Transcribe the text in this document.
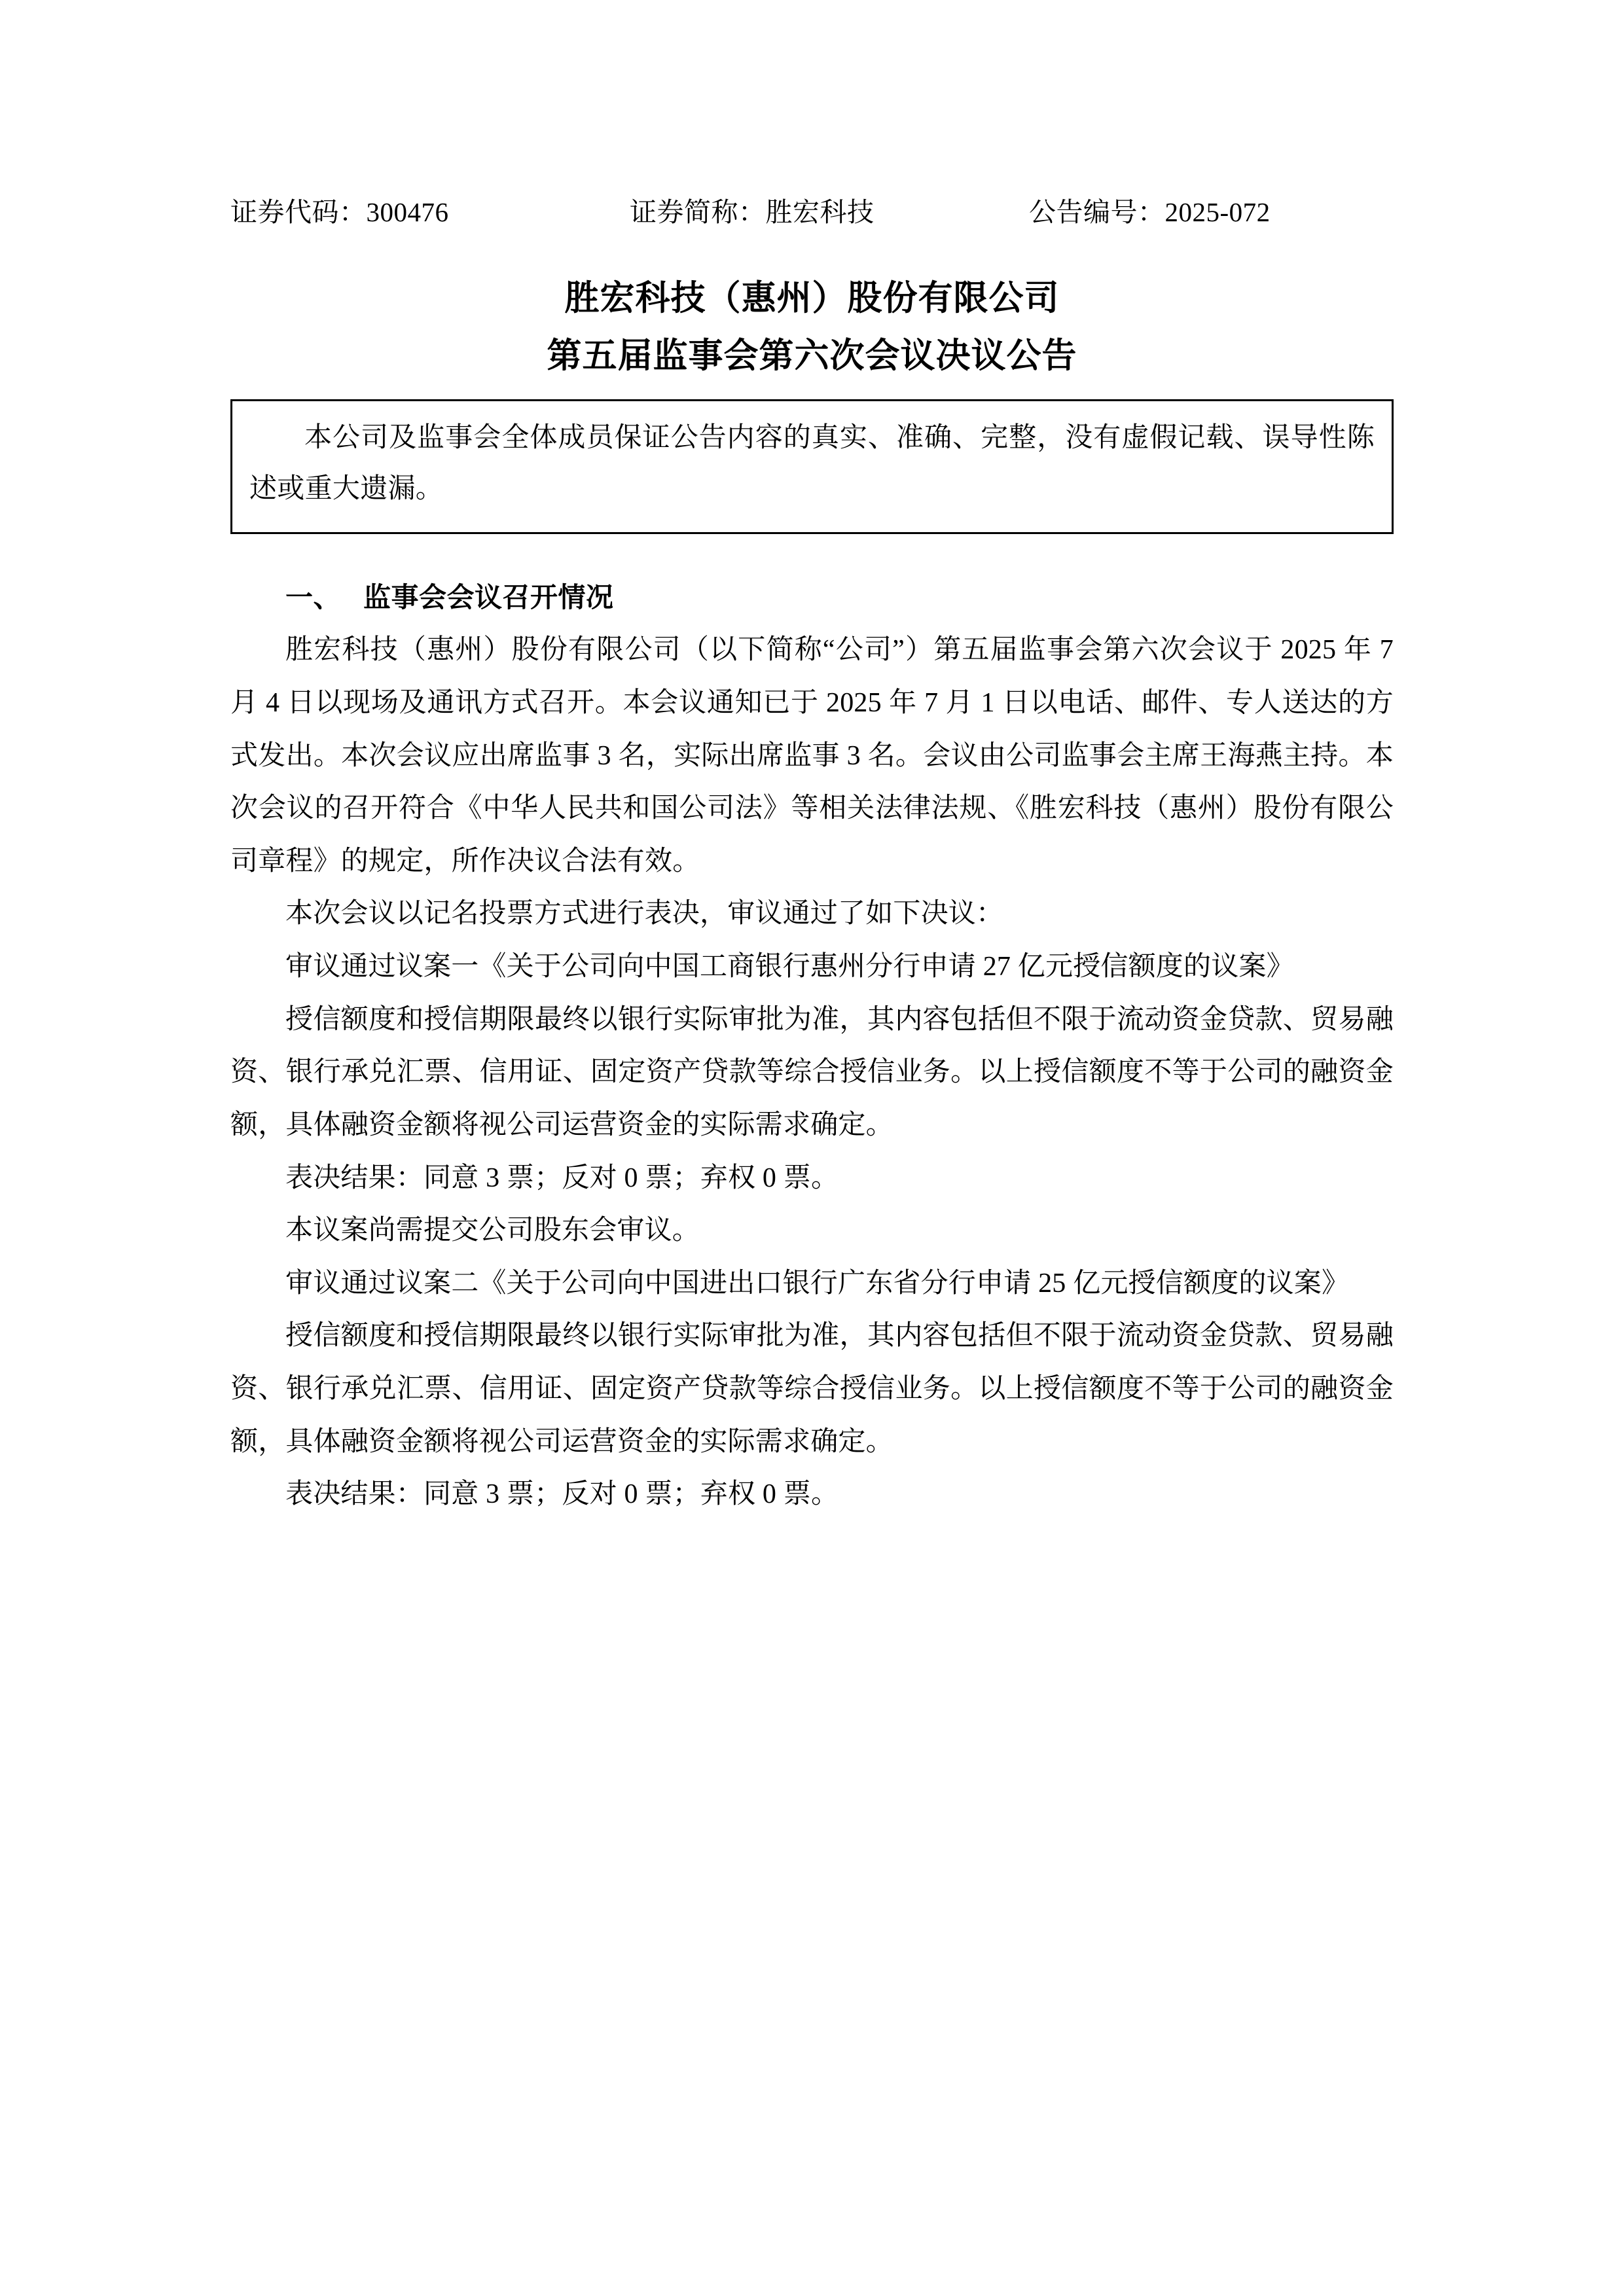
证券代码：300476	证券简称：胜宏科技	公告编号：2025-072
胜宏科技（惠州）股份有限公司
第五届监事会第六次会议决议公告

本公司及监事会全体成员保证公告内容的真实、准确、完整，没有虚假记载、误导性陈述或重大遗漏。

一、 监事会会议召开情况

胜宏科技（惠州）股份有限公司（以下简称“公司”）第五届监事会第六次会议于 2025 年 7 月 4 日以现场及通讯方式召开。本会议通知已于 2025 年 7 月 1 日以电话、邮件、专人送达的方式发出。本次会议应出席监事 3 名，实际出席监事 3 名。会议由公司监事会主席王海燕主持。本次会议的召开符合《中华人民共和国公司法》等相关法律法规、《胜宏科技（惠州）股份有限公司章程》的规定，所作决议合法有效。

本次会议以记名投票方式进行表决，审议通过了如下决议：

审议通过议案一《关于公司向中国工商银行惠州分行申请 27 亿元授信额度的议案》

授信额度和授信期限最终以银行实际审批为准，其内容包括但不限于流动资金贷款、贸易融资、银行承兑汇票、信用证、固定资产贷款等综合授信业务。以上授信额度不等于公司的融资金额，具体融资金额将视公司运营资金的实际需求确定。

表决结果：同意 3 票；反对 0 票；弃权 0 票。

本议案尚需提交公司股东会审议。

审议通过议案二《关于公司向中国进出口银行广东省分行申请 25 亿元授信额度的议案》

授信额度和授信期限最终以银行实际审批为准，其内容包括但不限于流动资金贷款、贸易融资、银行承兑汇票、信用证、固定资产贷款等综合授信业务。以上授信额度不等于公司的融资金额，具体融资金额将视公司运营资金的实际需求确定。

表决结果：同意 3 票；反对 0 票；弃权 0 票。
